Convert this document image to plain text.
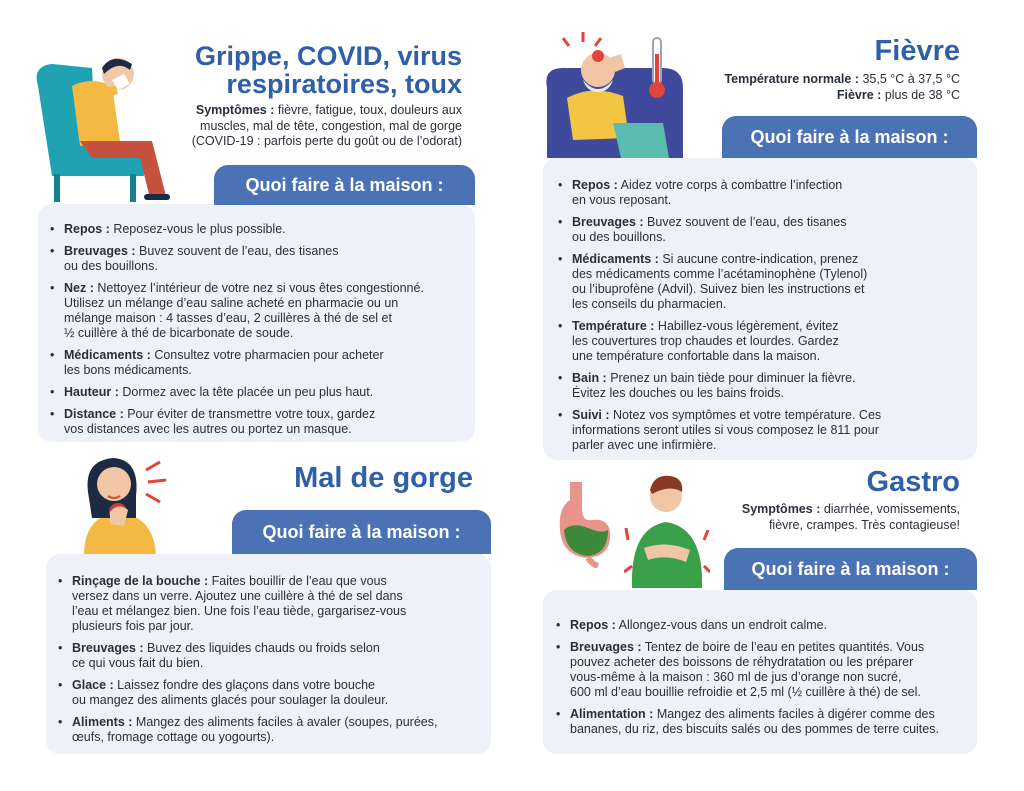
Grippe, COVID, virus
respiratoires, toux
Symptômes : fièvre, fatigue, toux, douleurs aux
muscles, mal de tête, congestion, mal de gorge
(COVID-19 : parfois perte du goût ou de l’odorat)
Quoi faire à la maison :
• Repos : Reposez-vous le plus possible.
• Breuvages : Buvez souvent de l’eau, des tisanes
ou des bouillons.
• Nez : Nettoyez l’intérieur de votre nez si vous êtes congestionné.
Utilisez un mélange d’eau saline acheté en pharmacie ou un
mélange maison : 4 tasses d’eau, 2 cuillères à thé de sel et
½ cuillère à thé de bicarbonate de soude.
• Médicaments : Consultez votre pharmacien pour acheter
les bons médicaments.
• Hauteur : Dormez avec la tête placée un peu plus haut.
• Distance : Pour éviter de transmettre votre toux, gardez
vos distances avec les autres ou portez un masque.
Fièvre
Température normale : 35,5 °C à 37,5 °C
Fièvre : plus de 38 °C
Quoi faire à la maison :
• Repos : Aidez votre corps à combattre l’infection
en vous reposant.
• Breuvages : Buvez souvent de l’eau, des tisanes
ou des bouillons.
• Médicaments : Si aucune contre-indication, prenez
des médicaments comme l’acétaminophène (Tylenol)
ou l’ibuprofène (Advil). Suivez bien les instructions et
les conseils du pharmacien.
• Température : Habillez-vous légèrement, évitez
les couvertures trop chaudes et lourdes. Gardez
une température confortable dans la maison.
• Bain : Prenez un bain tiède pour diminuer la fièvre.
Évitez les douches ou les bains froids.
• Suivi : Notez vos symptômes et votre température. Ces
informations seront utiles si vous composez le 811 pour
parler avec une infirmière.
Mal de gorge
Quoi faire à la maison :
• Rinçage de la bouche : Faites bouillir de l’eau que vous
versez dans un verre. Ajoutez une cuillère à thé de sel dans
l’eau et mélangez bien. Une fois l’eau tiède, gargarisez-vous
plusieurs fois par jour.
• Breuvages : Buvez des liquides chauds ou froids selon
ce qui vous fait du bien.
• Glace : Laissez fondre des glaçons dans votre bouche
ou mangez des aliments glacés pour soulager la douleur.
• Aliments : Mangez des aliments faciles à avaler (soupes, purées,
œufs, fromage cottage ou yogourts).
Gastro
Symptômes : diarrhée, vomissements,
fièvre, crampes. Très contagieuse!
Quoi faire à la maison :
• Repos : Allongez-vous dans un endroit calme.
• Breuvages : Tentez de boire de l’eau en petites quantités. Vous
pouvez acheter des boissons de réhydratation ou les préparer
vous-même à la maison : 360 ml de jus d’orange non sucré,
600 ml d’eau bouillie refroidie et 2,5 ml (½ cuillère à thé) de sel.
• Alimentation : Mangez des aliments faciles à digérer comme des
bananes, du riz, des biscuits salés ou des pommes de terre cuites.
